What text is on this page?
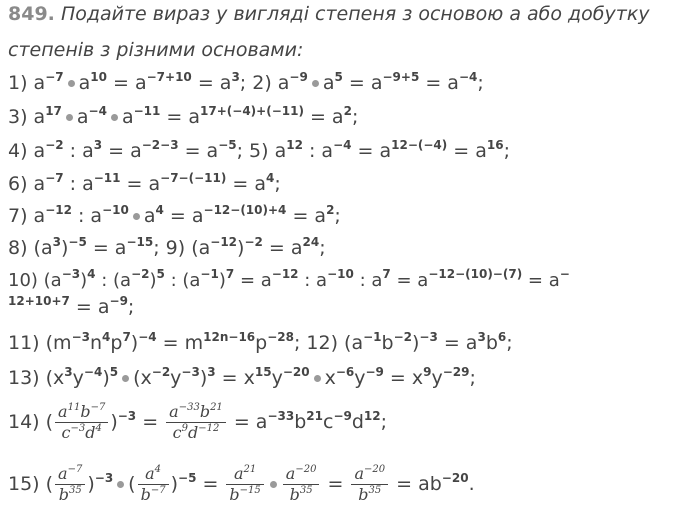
849. Подайте вираз у вигляді степеня з основою a або добутку
степенів з різними основами:
1) $a^{-7}$ $a^{10} = a^{-7+10} = a^3$; 2) $a^{-9}$ $a^5 = a^{-9+5} = a^{-4}$;
3) $a^{17}$ $a^{-4}$ $a^{-11} = a^{17+(-4)+(-11)} = a^2$;
4) $a^{-2}$ : $a^3 = a^{-2-3} = a^{-5}$; 5) $a^{12}$ : $a^{-4} = a^{12-(-4)} = a^{16}$;
6) $a^{-7}$ : $a^{-11} = a^{-7-(-11)} = a^4$;
7) $a^{-12}$ : $a^{-10}$ $a^4 = a^{-12-(10)+4} = a^2$;
8) $(a^3)^{-5} = a^{-15}$; 9) $(a^{-12})^{-2} = a^{24}$;
10) $(a^{-3})^4$ : $(a^{-2})^5$ : $(a^{-1})^7 = a^{-12}$ : $a^{-10}$ : $a^7 = a^{-12-(10)-(7)} = a^-$
$^{12+10+7} = a^{-9}$;
11) $(m^{-3}n^4p^7)^{-4} = m^{12n-16}p^{-28}$; 12) $(a^{-1}b^{-2})^{-3} = a^3b^6$;
13) $(x^3y^{-4})^5$ $(x^{-2}y^{-3})^3 = x^{15}y^{-20}$ $x^{-6}y^{-9} = x^9y^{-29}$;
14) ( $\frac{a^{11}b^{-7}}{c^{-3}d^4} )^{-3} = \frac{a^{-33}b^{21}}{c^9d^{-12}} = a^{-33}b^{21}c^{-9}d^{12}$;
15) ( $\frac{a^{-7}}{b^{35}} )^{-3}$ ( $\frac{a^4}{b^{-7}} )^{-5} = \frac{a^{21}}{b^{-15}} \frac{a^{-20}}{b^{35}} = \frac{a^{-20}}{b^{35}} = ab^{-20}$.
